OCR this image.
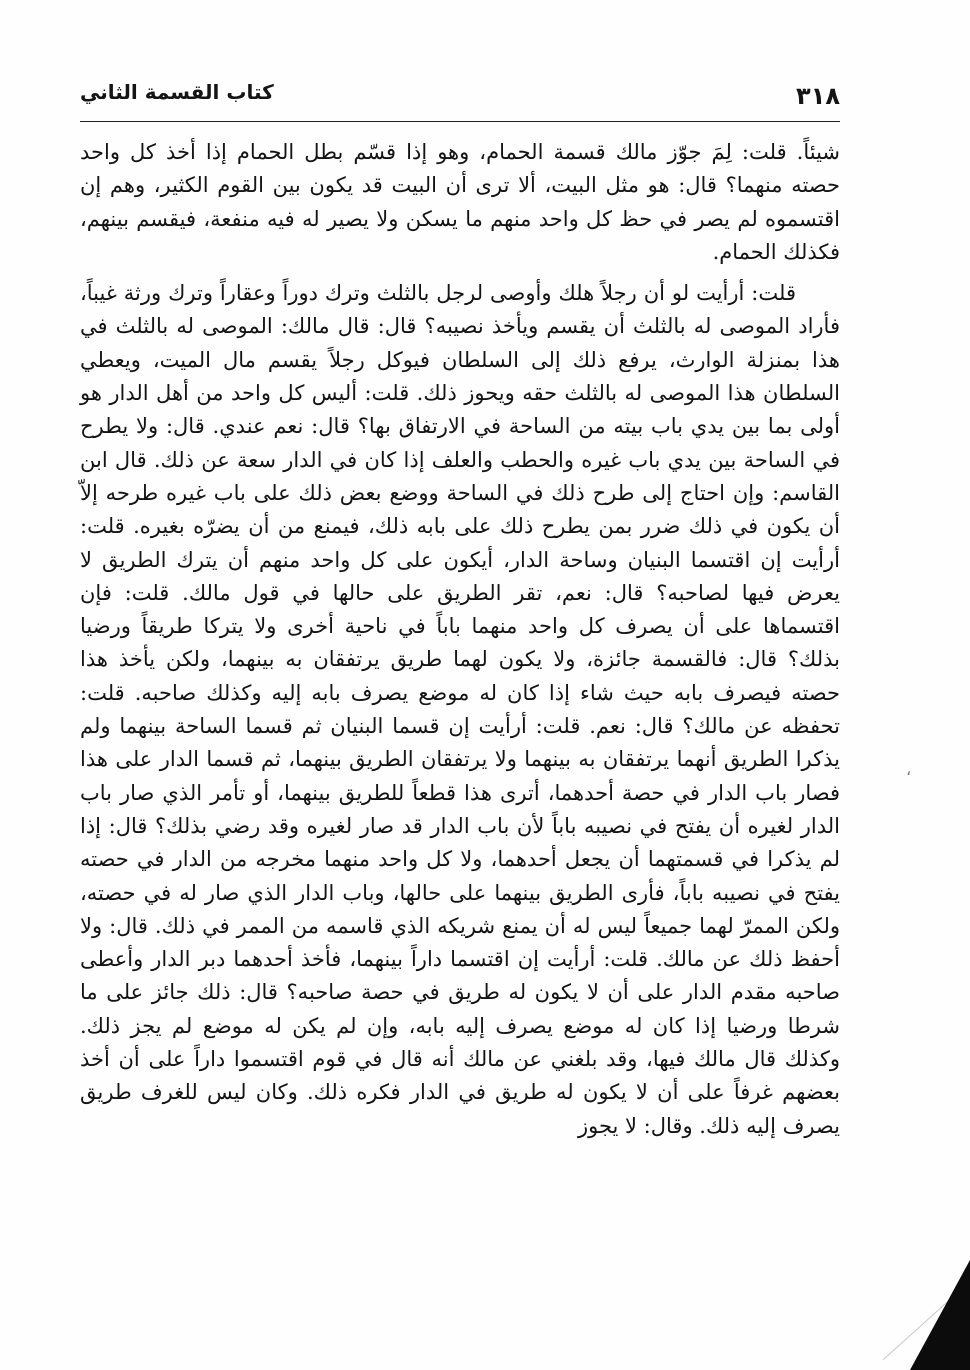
٣١٨
كتاب القسمة الثاني

شيئاً. قلت: لِمَ جوّز مالك قسمة الحمام، وهو إذا قسّم بطل الحمام إذا أخذ كل واحد حصته منهما؟ قال: هو مثل البيت، ألا ترى أن البيت قد يكون بين القوم الكثير، وهم إن اقتسموه لم يصر في حظ كل واحد منهم ما يسكن ولا يصير له فيه منفعة، فيقسم بينهم، فكذلك الحمام.

قلت: أرأيت لو أن رجلاً هلك وأوصى لرجل بالثلث وترك دوراً وعقاراً وترك ورثة غيباً، فأراد الموصى له بالثلث أن يقسم ويأخذ نصيبه؟ قال: قال مالك: الموصى له بالثلث في هذا بمنزلة الوارث، يرفع ذلك إلى السلطان فيوكل رجلاً يقسم مال الميت، ويعطي السلطان هذا الموصى له بالثلث حقه ويحوز ذلك. قلت: أليس كل واحد من أهل الدار هو أولى بما بين يدي باب بيته من الساحة في الارتفاق بها؟ قال: نعم عندي. قال: ولا يطرح في الساحة بين يدي باب غيره والحطب والعلف إذا كان في الدار سعة عن ذلك. قال ابن القاسم: وإن احتاج إلى طرح ذلك في الساحة ووضع بعض ذلك على باب غيره طرحه إلاّ أن يكون في ذلك ضرر بمن يطرح ذلك على بابه ذلك، فيمنع من أن يضرّه بغيره. قلت: أرأيت إن اقتسما البنيان وساحة الدار، أيكون على كل واحد منهم أن يترك الطريق لا يعرض فيها لصاحبه؟ قال: نعم، تقر الطريق على حالها في قول مالك. قلت: فإن اقتسماها على أن يصرف كل واحد منهما باباً في ناحية أخرى ولا يتركا طريقاً ورضيا بذلك؟ قال: فالقسمة جائزة، ولا يكون لهما طريق يرتفقان به بينهما، ولكن يأخذ هذا حصته فيصرف بابه حيث شاء إذا كان له موضع يصرف بابه إليه وكذلك صاحبه. قلت: تحفظه عن مالك؟ قال: نعم. قلت: أرأيت إن قسما البنيان ثم قسما الساحة بينهما ولم يذكرا الطريق أنهما يرتفقان به بينهما ولا يرتفقان الطريق بينهما، ثم قسما الدار على هذا فصار باب الدار في حصة أحدهما، أترى هذا قطعاً للطريق بينهما، أو تأمر الذي صار باب الدار لغيره أن يفتح في نصيبه باباً لأن باب الدار قد صار لغيره وقد رضي بذلك؟ قال: إذا لم يذكرا في قسمتهما أن يجعل أحدهما، ولا كل واحد منهما مخرجه من الدار في حصته يفتح في نصيبه باباً، فأرى الطريق بينهما على حالها، وباب الدار الذي صار له في حصته، ولكن الممرّ لهما جميعاً ليس له أن يمنع شريكه الذي قاسمه من الممر في ذلك. قال: ولا أحفظ ذلك عن مالك. قلت: أرأيت إن اقتسما داراً بينهما، فأخذ أحدهما دبر الدار وأعطى صاحبه مقدم الدار على أن لا يكون له طريق في حصة صاحبه؟ قال: ذلك جائز على ما شرطا ورضيا إذا كان له موضع يصرف إليه بابه، وإن لم يكن له موضع لم يجز ذلك. وكذلك قال مالك فيها، وقد بلغني عن مالك أنه قال في قوم اقتسموا داراً على أن أخذ بعضهم غرفاً على أن لا يكون له طريق في الدار فكره ذلك. وكان ليس للغرف طريق يصرف إليه ذلك. وقال: لا يجوز

،
